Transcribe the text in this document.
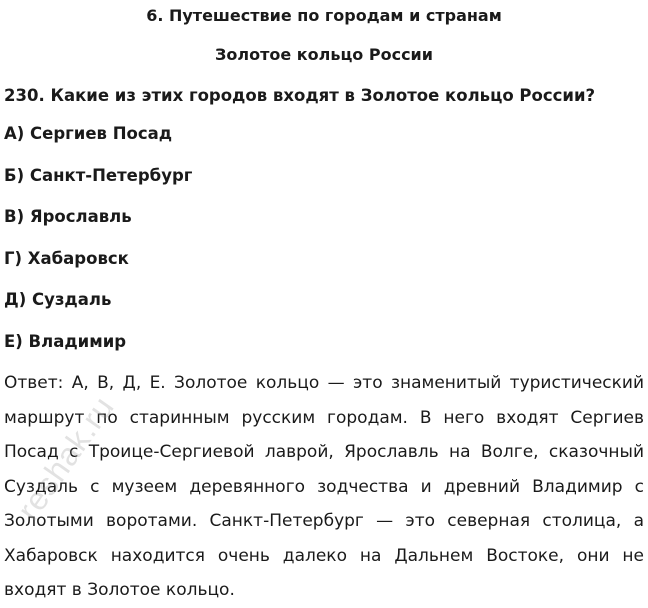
6. Путешествие по городам и странам
Золотое кольцо России
230. Какие из этих городов входят в Золотое кольцо России?
А) Сергиев Посад
Б) Санкт-Петербург
В) Ярославль
Г) Хабаровск
Д) Суздаль
Е) Владимир
Ответ: А, В, Д, Е. Золотое кольцо — это знаменитый туристический маршрут по старинным русским городам. В него входят Сергиев Посад с Троице-Сергиевой лаврой, Ярославль на Волге, сказочный Суздаль с музеем деревянного зодчества и древний Владимир с Золотыми воротами. Санкт-Петербург — это северная столица, а Хабаровск находится очень далеко на Дальнем Востоке, они не входят в Золотое кольцо.
reshak.ru
